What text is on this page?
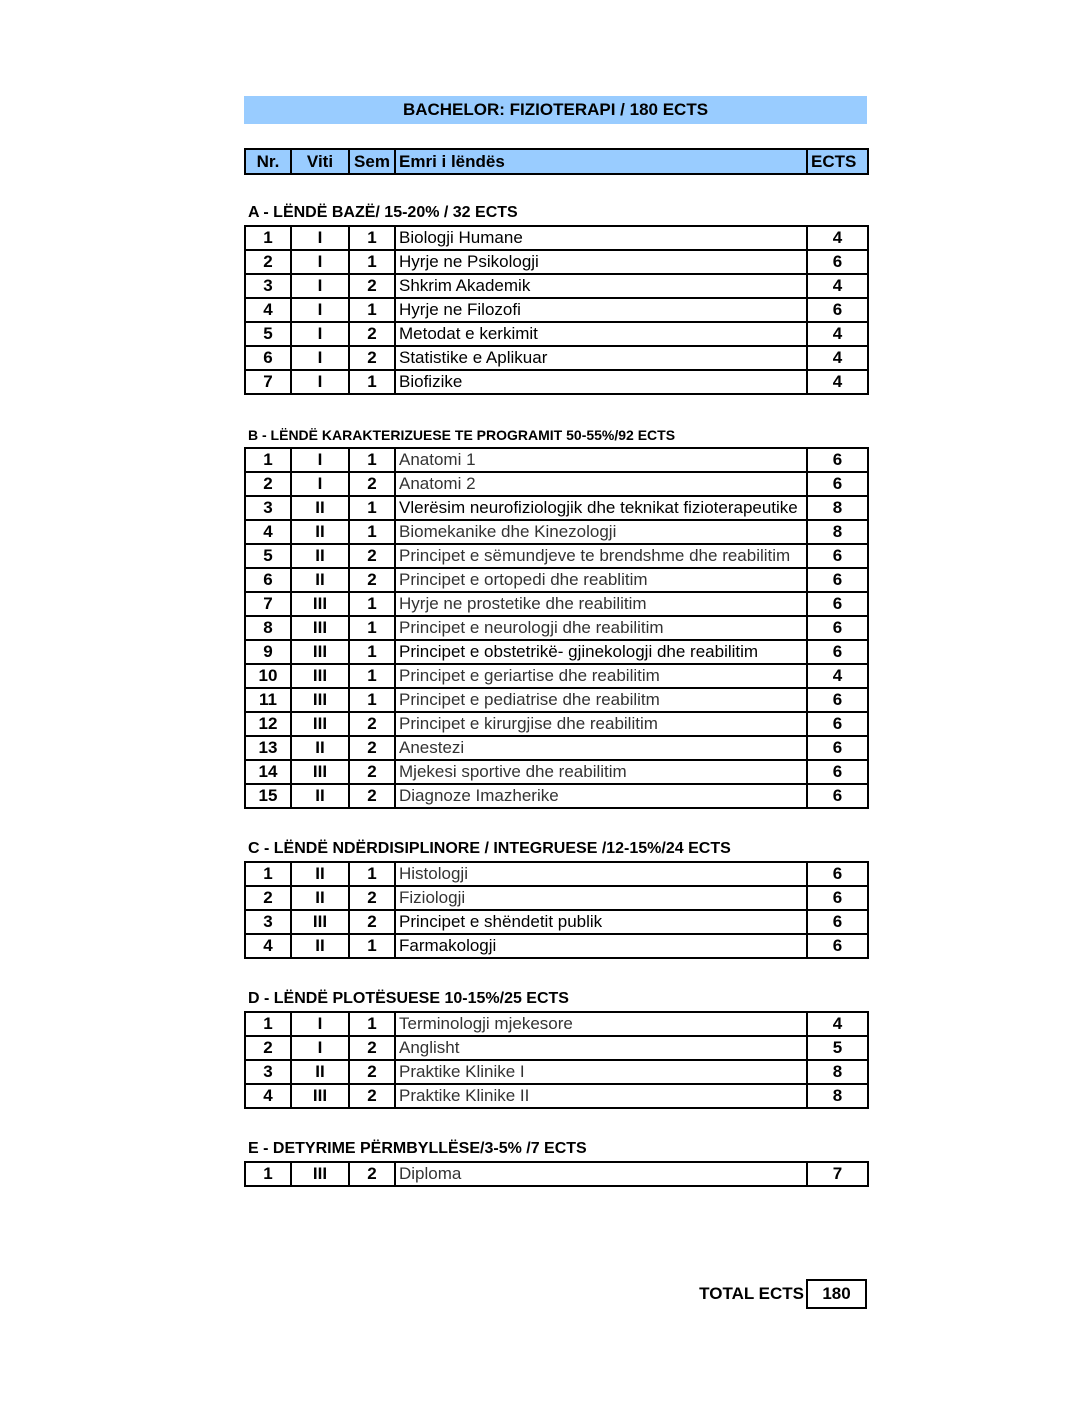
BACHELOR: FIZIOTERAPI / 180 ECTS
Nr.	Viti	Sem	Emri i lëndës	ECTS
A - LËNDË BAZË/ 15-20% / 32 ECTS
1	I	1	Biologji Humane	4
2	I	1	Hyrje ne Psikologji	6
3	I	2	Shkrim Akademik	4
4	I	1	Hyrje ne Filozofi	6
5	I	2	Metodat e kerkimit	4
6	I	2	Statistike e Aplikuar	4
7	I	1	Biofizike	4
B - LËNDË KARAKTERIZUESE TE PROGRAMIT 50-55%/92 ECTS
1	I	1	Anatomi 1	6
2	I	2	Anatomi 2	6
3	II	1	Vlerësim neurofiziologjik dhe teknikat fizioterapeutike	8
4	II	1	Biomekanike dhe Kinezologji	8
5	II	2	Principet e sëmundjeve te brendshme dhe reabilitim	6
6	II	2	Principet e ortopedi dhe reablitim	6
7	III	1	Hyrje ne prostetike dhe reabilitim	6
8	III	1	Principet e neurologji dhe reabilitim	6
9	III	1	Principet e obstetrikë- gjinekologji dhe reabilitim	6
10	III	1	Principet e geriartise dhe reabilitim	4
11	III	1	Principet e pediatrise dhe reabilitm	6
12	III	2	Principet e kirurgjise dhe reabilitim	6
13	II	2	Anestezi	6
14	III	2	Mjekesi sportive dhe reabilitim	6
15	II	2	Diagnoze Imazherike	6
C - LËNDË NDËRDISIPLINORE / INTEGRUESE /12-15%/24 ECTS
1	II	1	Histologji	6
2	II	2	Fiziologji	6
3	III	2	Principet e shëndetit publik	6
4	II	1	Farmakologji	6
D - LËNDË PLOTËSUESE 10-15%/25 ECTS
1	I	1	Terminologji mjekesore	4
2	I	2	Anglisht	5
3	II	2	Praktike Klinike I	8
4	III	2	Praktike Klinike II	8
E - DETYRIME PËRMBYLLËSE/3-5% /7 ECTS
1	III	2	Diploma	7
TOTAL ECTS	180
